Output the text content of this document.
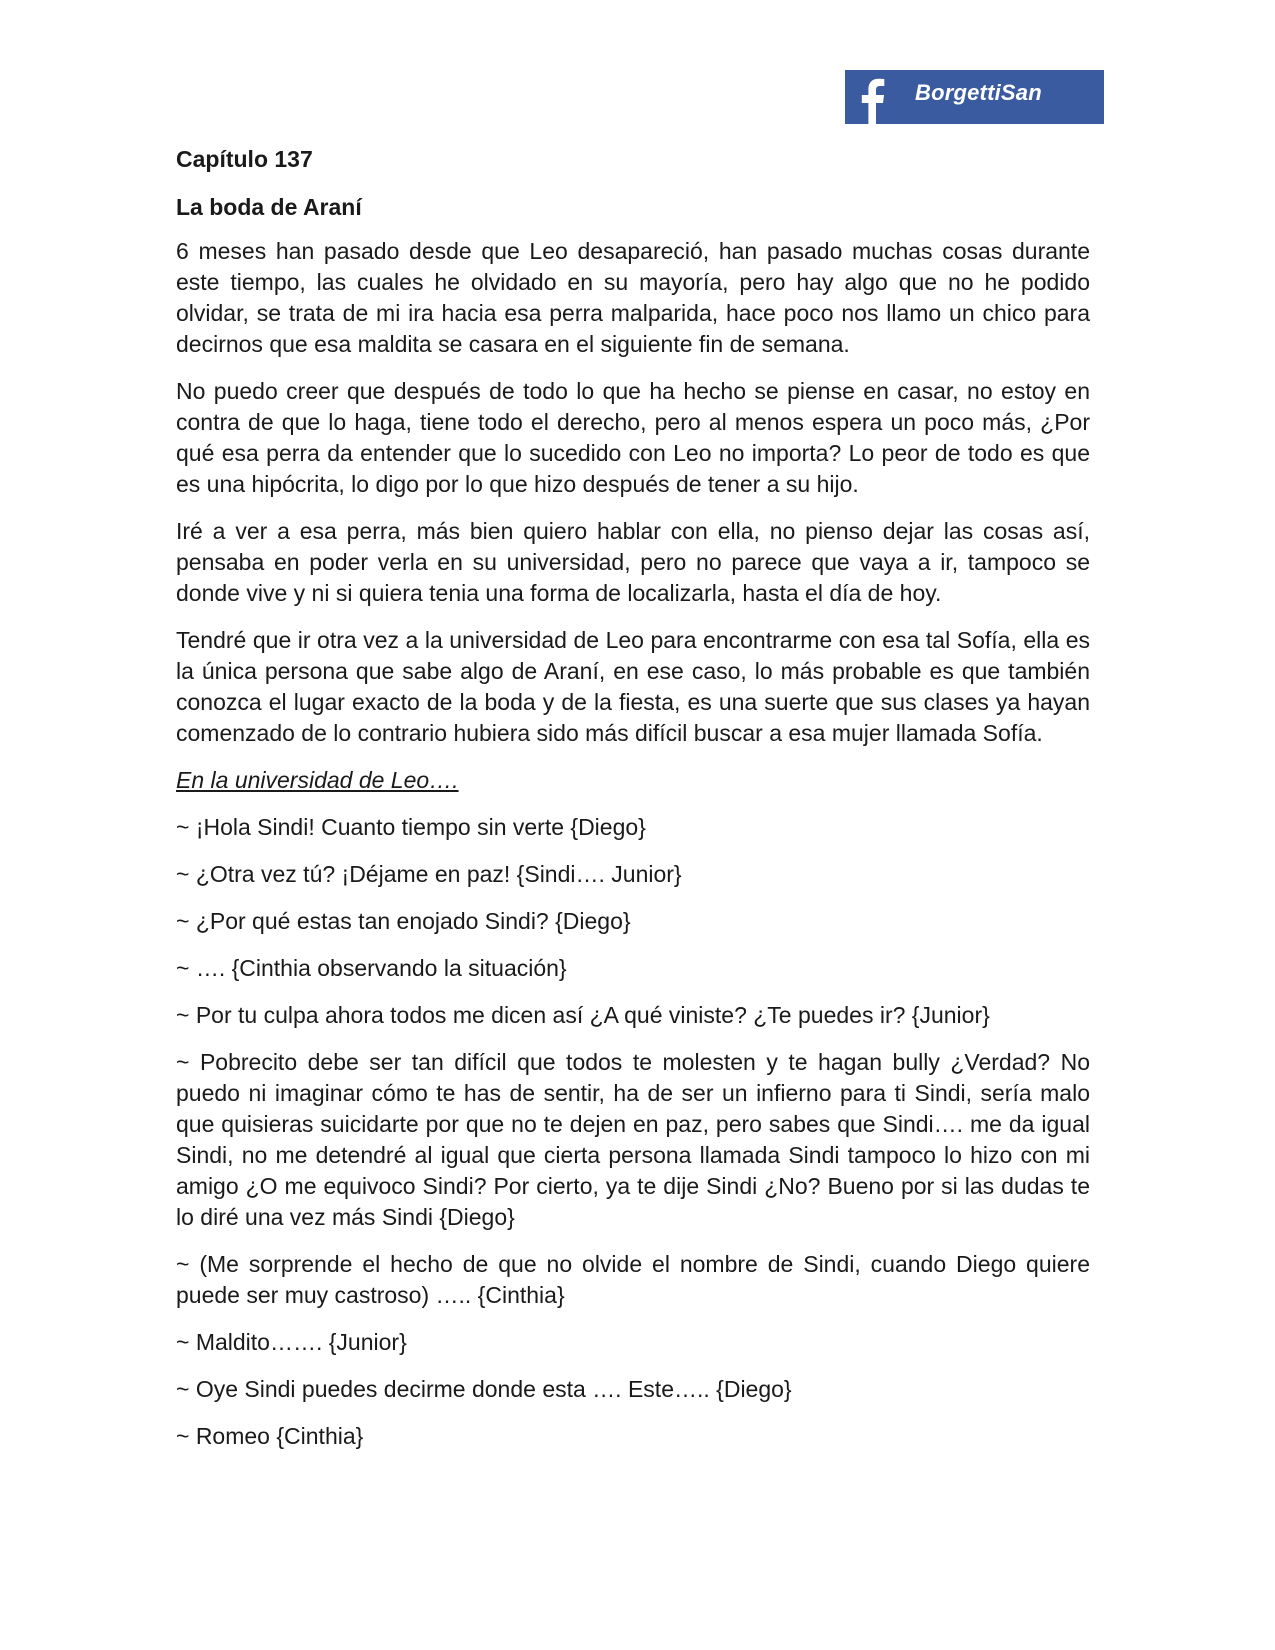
BorgettiSan
Capítulo 137
La boda de Araní

6 meses han pasado desde que Leo desapareció, han pasado muchas cosas durante este tiempo, las cuales he olvidado en su mayoría, pero hay algo que no he podido olvidar, se trata de mi ira hacia esa perra malparida, hace poco nos llamo un chico para decirnos que esa maldita se casara en el siguiente fin de semana.

No puedo creer que después de todo lo que ha hecho se piense en casar, no estoy en contra de que lo haga, tiene todo el derecho, pero al menos espera un poco más, ¿Por qué esa perra da entender que lo sucedido con Leo no importa? Lo peor de todo es que es una hipócrita, lo digo por lo que hizo después de tener a su hijo.

Iré a ver a esa perra, más bien quiero hablar con ella, no pienso dejar las cosas así, pensaba en poder verla en su universidad, pero no parece que vaya a ir, tampoco se donde vive y ni si quiera tenia una forma de localizarla, hasta el día de hoy.

Tendré que ir otra vez a la universidad de Leo para encontrarme con esa tal Sofía, ella es la única persona que sabe algo de Araní, en ese caso, lo más probable es que también conozca el lugar exacto de la boda y de la fiesta, es una suerte que sus clases ya hayan comenzado de lo contrario hubiera sido más difícil buscar a esa mujer llamada Sofía.

En la universidad de Leo….

~ ¡Hola Sindi! Cuanto tiempo sin verte {Diego}

~ ¿Otra vez tú? ¡Déjame en paz! {Sindi…. Junior}

~ ¿Por qué estas tan enojado Sindi? {Diego}

~ …. {Cinthia observando la situación}

~ Por tu culpa ahora todos me dicen así ¿A qué viniste? ¿Te puedes ir? {Junior}

~ Pobrecito debe ser tan difícil que todos te molesten y te hagan bully ¿Verdad? No puedo ni imaginar cómo te has de sentir, ha de ser un infierno para ti Sindi, sería malo que quisieras suicidarte por que no te dejen en paz, pero sabes que Sindi…. me da igual Sindi, no me detendré al igual que cierta persona llamada Sindi tampoco lo hizo con mi amigo ¿O me equivoco Sindi? Por cierto, ya te dije Sindi ¿No? Bueno por si las dudas te lo diré una vez más Sindi {Diego}

~ (Me sorprende el hecho de que no olvide el nombre de Sindi, cuando Diego quiere puede ser muy castroso) ….. {Cinthia}

~ Maldito……. {Junior}

~ Oye Sindi puedes decirme donde esta …. Este….. {Diego}

~ Romeo {Cinthia}
